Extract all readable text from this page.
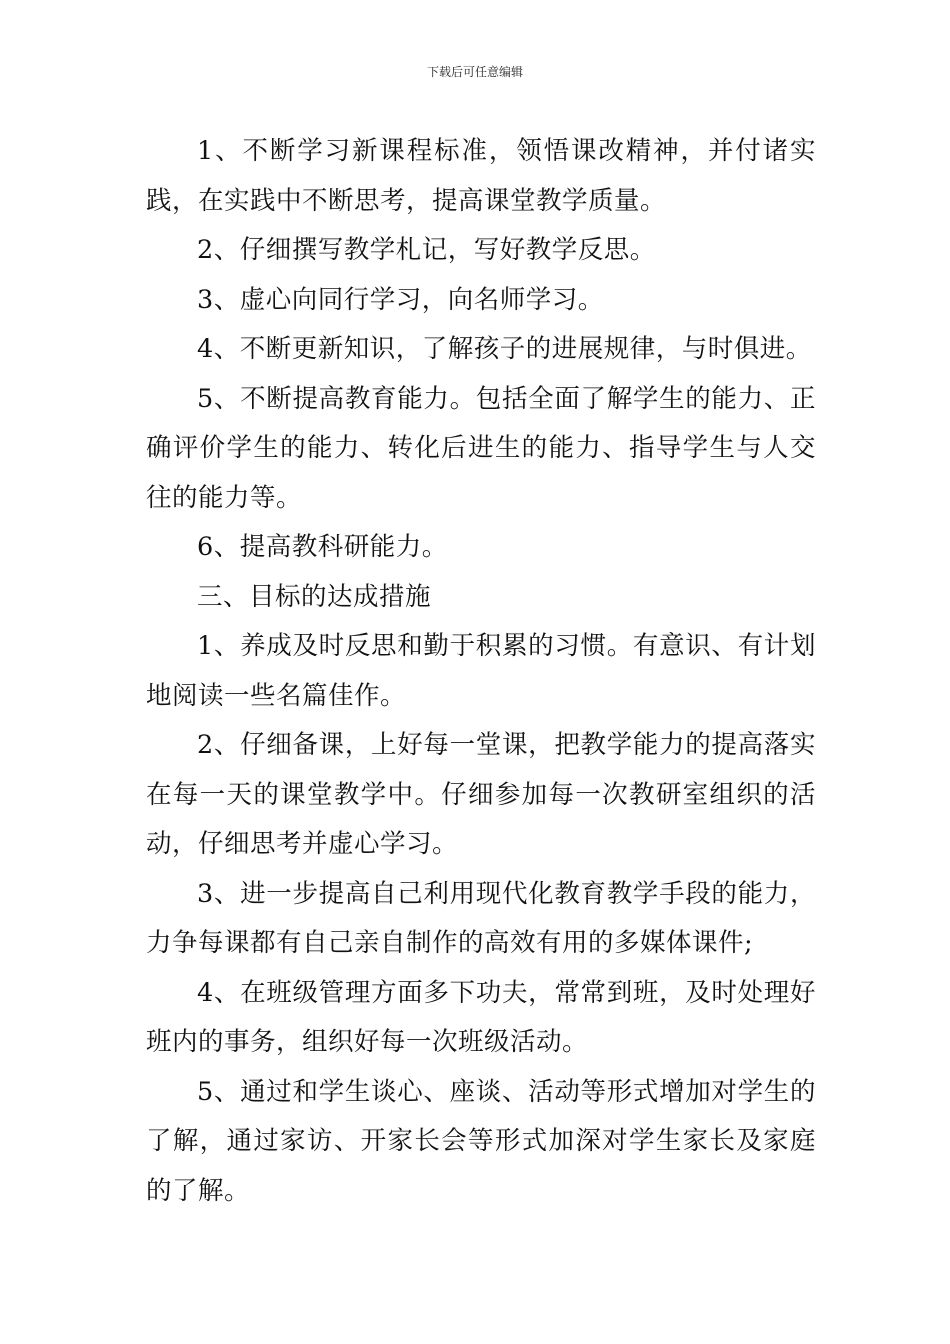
下载后可任意编辑

1、不断学习新课程标准，领悟课改精神，并付诸实践，在实践中不断思考，提高课堂教学质量。

2、仔细撰写教学札记，写好教学反思。

3、虚心向同行学习，向名师学习。

4、不断更新知识，了解孩子的进展规律，与时俱进。

5、不断提高教育能力。包括全面了解学生的能力、正确评价学生的能力、转化后进生的能力、指导学生与人交往的能力等。

6、提高教科研能力。

三、目标的达成措施

1、养成及时反思和勤于积累的习惯。有意识、有计划地阅读一些名篇佳作。

2、仔细备课，上好每一堂课，把教学能力的提高落实在每一天的课堂教学中。仔细参加每一次教研室组织的活动，仔细思考并虚心学习。

3、进一步提高自己利用现代化教育教学手段的能力，力争每课都有自己亲自制作的高效有用的多媒体课件;

4、在班级管理方面多下功夫，常常到班，及时处理好班内的事务，组织好每一次班级活动。

5、通过和学生谈心、座谈、活动等形式增加对学生的了解，通过家访、开家长会等形式加深对学生家长及家庭的了解。
